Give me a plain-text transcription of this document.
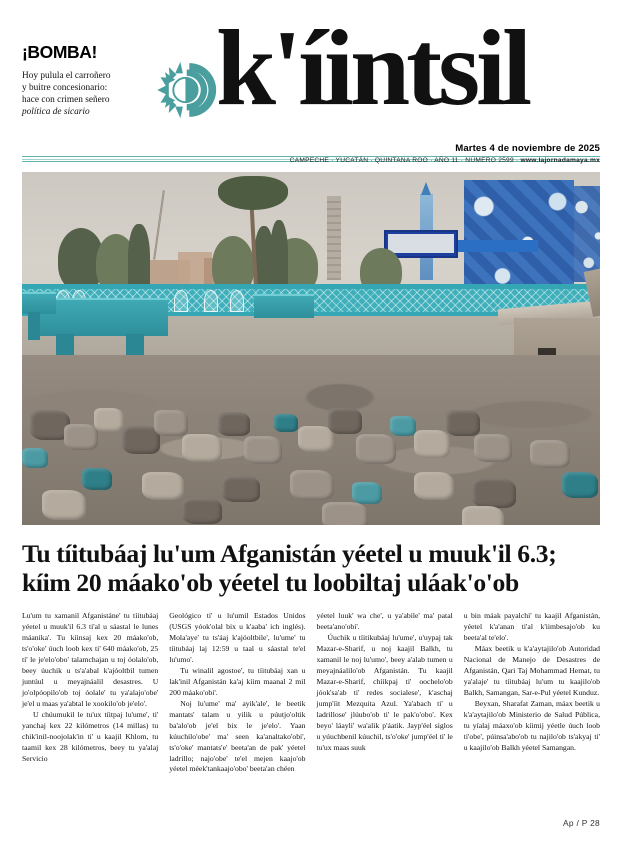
¡BOMBA!
Hoy pulula el carroñero
y buitre concesionario:
hace con crimen señero
política de sicario	k'íintsil
Martes 4 de noviembre de 2025
CAMPECHE · YUCATÁN · QUINTANA ROO · AÑO 11 · NÚMERO 2599 · www.lajornadamaya.mx
Tu tíitubáaj lu'um Afganistán yéetel u muuk'il 6.3;
kíim 20 máako'ob yéetel tu loobiltaj uláak'o'ob

Lu'um tu xamanil Afganistáne' tu tíitubáaj yéetel u muuk'il 6.3 ti'al u sáastal le lunes máanika'. Tu kíinsaj kex 20 máako'ob, ts'o'oke' úuch loob kex ti' 640 máako'ob, 25 ti' le je'elo'obo' talamchajan u toj óolalo'ob, beey úuchik u ts'a'abal k'ajóoltbil tumen juntúul u meyajnáalil desastres. U jo'olpóopilo'ob toj óolale' tu ya'alajo'obe' je'el u maas ya'abtal le xookilo'ob je'elo'.

U chúumukil le tu'ux tíitpaj lu'ume', ti' yanchaj kex 22 kilómetros (14 millas) tu chik'inil-noojolak'in ti' u kaajil Khlom, tu taamil kex 28 kilómetros, beey tu ya'alaj Servicio

Geológico ti' u lu'umil Estados Unidos (USGS yóok'olal bix u k'aaba' ich inglés). Mola'aye' tu ts'áaj k'ajóoltbile', lu'ume' tu tíitubáaj laj 12:59 u taal u sáastal te'el lu'umo'.

Tu winalil agostoe', tu tíitubáaj xan u lak'inil Afganistán ka'aj kíim maanal 2 mil 200 máako'obi'.

Noj lu'ume' ma' ayik'ale', le beetik mantats' talam u yilik u púutjo'oltik ba'alo'ob je'el bix le je'elo'. Yaan kúuchilo'obe' ma' seen ka'analtako'obi', ts'o'oke' mantats'e' beeta'an de pak' yéetel ladrillo; najo'obe' te'el mejen kaajo'ob yéetel méek'tankaajo'obo' beeta'an chéen

yéetel luuk' wa che', u ya'abile' ma' patal beeta'ano'obi'.

Úuchik u tíitikubáaj lu'ume', u'uypaj tak Mazar-e-Sharif, u noj kaajil Balkh, tu xamanil le noj lu'umo', beey a'alab tumen u meyajnáalilo'ob Afganistán. Tu kaajil Mazar-e-Sharif, chíikpaj ti' oochelo'ob jóok'sa'ab ti' redes socialese', k'aschaj jump'íit Mezquita Azul. Ya'abach ti' u ladrillose' jlúubo'ob ti' le pak'o'obo'. Kex beyo' láayli' wa'alik p'áatik. Jayp'éel siglos u yúuchbenil kúuchil, ts'o'oke' jump'éel ti' le tu'ux maas suuk

u bin máak payalchi' tu kaajil Afganistán, yéetel k'a'anan ti'al k'iimbesajo'ob ku beeta'al te'elo'.

Máax beetik u k'a'aytajilo'ob Autoridad Nacional de Manejo de Desastres de Afganistán, Qari Taj Mohammad Hemat, tu ya'alaje' tu tíitubáaj lu'um tu kaajilo'ob Balkh, Samangan, Sar-e-Pul yéetel Kunduz.

Beyxan, Sharafat Zaman, máax beetik u k'a'aytajilo'ob Ministerio de Salud Pública, tu yíalaj máaxo'ob kíimij yéetle úuch loob ti'obe', púinsa'abo'ob tu najilo'ob ts'akyaj ti' u kaajilo'ob Balkh yéetel Samangan.

Ap / P 28
